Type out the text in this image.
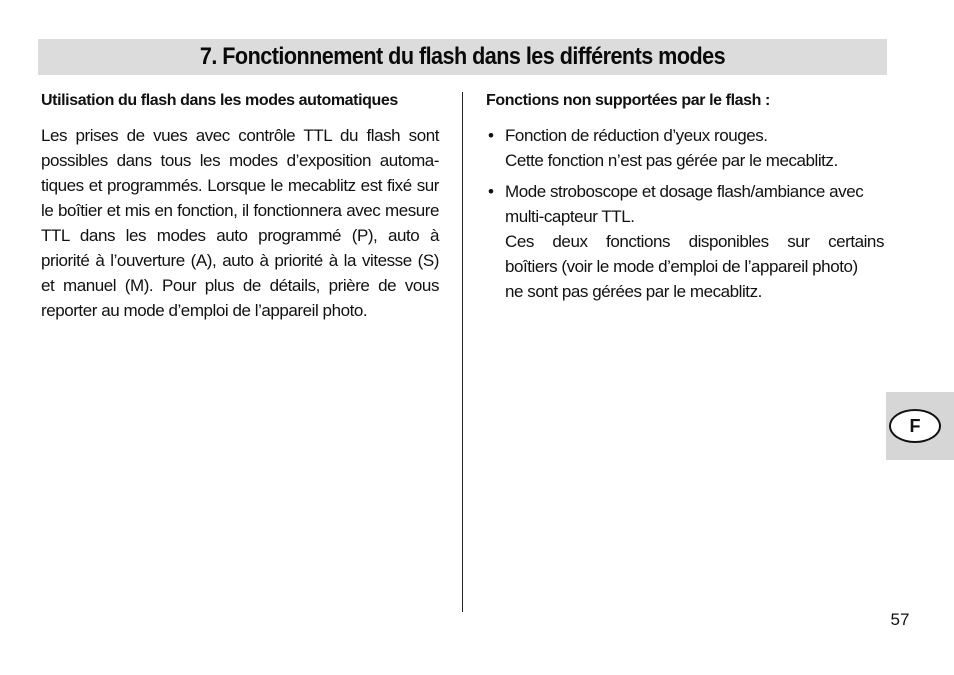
7. Fonctionnement du flash dans les différents modes
Utilisation du flash dans les modes automatiques

Les prises de vues avec contrôle TTL du flash sont possibles dans tous les modes d’exposition automa-tiques et programmés. Lorsque le mecablitz est fixé sur le boîtier et mis en fonction, il fonctionnera avec mesure TTL dans les modes auto programmé (P), auto à priorité à l’ouverture (A), auto à priorité à la vitesse (S) et manuel (M). Pour plus de détails, prière de vous reporter au mode d’emploi de l’appareil photo.

Fonctions non supportées par le flash :
• Fonction de réduction d’yeux rouges.
Cette fonction n’est pas gérée par le mecablitz.
• Mode stroboscope et dosage flash/ambiance avec
multi-capteur TTL.
Ces deux fonctions disponibles sur certains
boîtiers (voir le mode d’emploi de l’appareil photo)
ne sont pas gérées par le mecablitz.
F
57
